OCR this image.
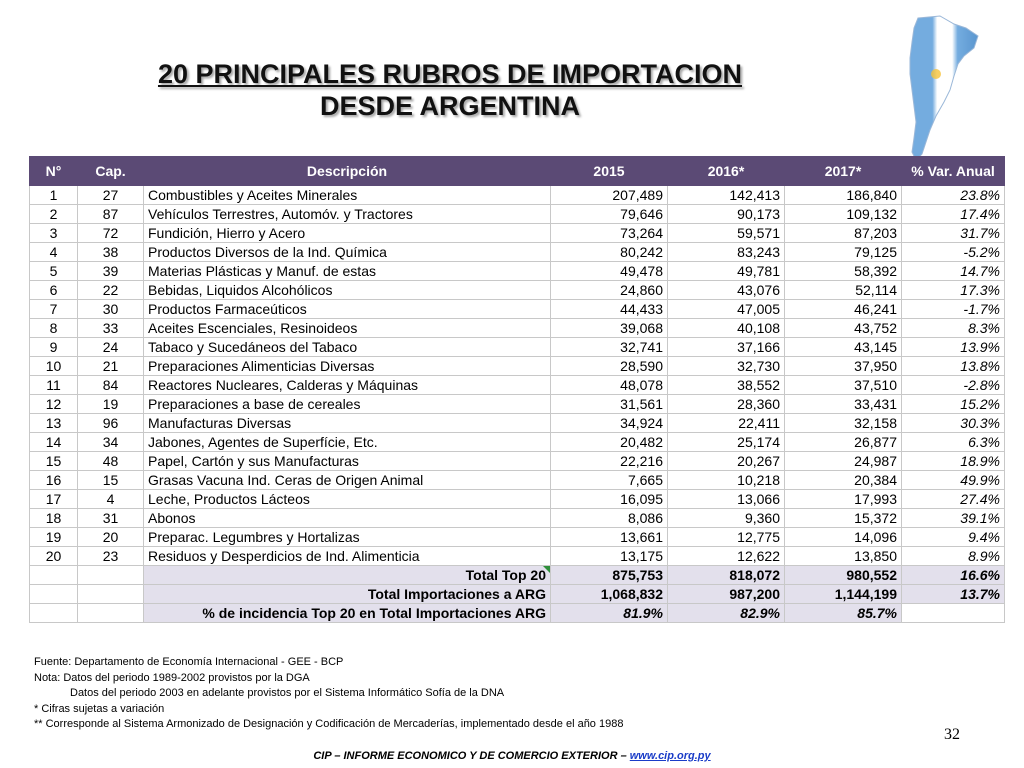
20 PRINCIPALES RUBROS DE IMPORTACION
DESDE ARGENTINA
N°	Cap.	Descripción	2015	2016*	2017*	% Var. Anual
1	27	Combustibles y Aceites Minerales	207,489	142,413	186,840	23.8%
2	87	Vehículos Terrestres, Automóv. y Tractores	79,646	90,173	109,132	17.4%
3	72	Fundición, Hierro y Acero	73,264	59,571	87,203	31.7%
4	38	Productos Diversos de la Ind. Química	80,242	83,243	79,125	-5.2%
5	39	Materias Plásticas y Manuf. de estas	49,478	49,781	58,392	14.7%
6	22	Bebidas, Liquidos Alcohólicos	24,860	43,076	52,114	17.3%
7	30	Productos Farmaceúticos	44,433	47,005	46,241	-1.7%
8	33	Aceites Escenciales, Resinoideos	39,068	40,108	43,752	8.3%
9	24	Tabaco y Sucedáneos del Tabaco	32,741	37,166	43,145	13.9%
10	21	Preparaciones Alimenticias Diversas	28,590	32,730	37,950	13.8%
11	84	Reactores Nucleares, Calderas y Máquinas	48,078	38,552	37,510	-2.8%
12	19	Preparaciones a base de cereales	31,561	28,360	33,431	15.2%
13	96	Manufacturas Diversas	34,924	22,411	32,158	30.3%
14	34	Jabones, Agentes de Superfície, Etc.	20,482	25,174	26,877	6.3%
15	48	Papel, Cartón y sus Manufacturas	22,216	20,267	24,987	18.9%
16	15	Grasas Vacuna Ind. Ceras de Origen Animal	7,665	10,218	20,384	49.9%
17	4	Leche, Productos Lácteos	16,095	13,066	17,993	27.4%
18	31	Abonos	8,086	9,360	15,372	39.1%
19	20	Preparac. Legumbres y Hortalizas	13,661	12,775	14,096	9.4%
20	23	Residuos y Desperdicios de Ind. Alimenticia	13,175	12,622	13,850	8.9%
		Total Top 20	875,753	818,072	980,552	16.6%
		Total Importaciones a ARG	1,068,832	987,200	1,144,199	13.7%
		% de incidencia Top 20 en Total Importaciones ARG	81.9%	82.9%	85.7%	
Fuente: Departamento de Economía Internacional - GEE - BCP
Nota: Datos del periodo 1989-2002 provistos por la DGA
Datos del periodo 2003 en adelante provistos por el Sistema Informático Sofía de la DNA
* Cifras sujetas a variación
** Corresponde al Sistema Armonizado de Designación y Codificación de Mercaderías, implementado desde el año 1988
32
CIP – INFORME ECONOMICO Y DE COMERCIO EXTERIOR – www.cip.org.py
